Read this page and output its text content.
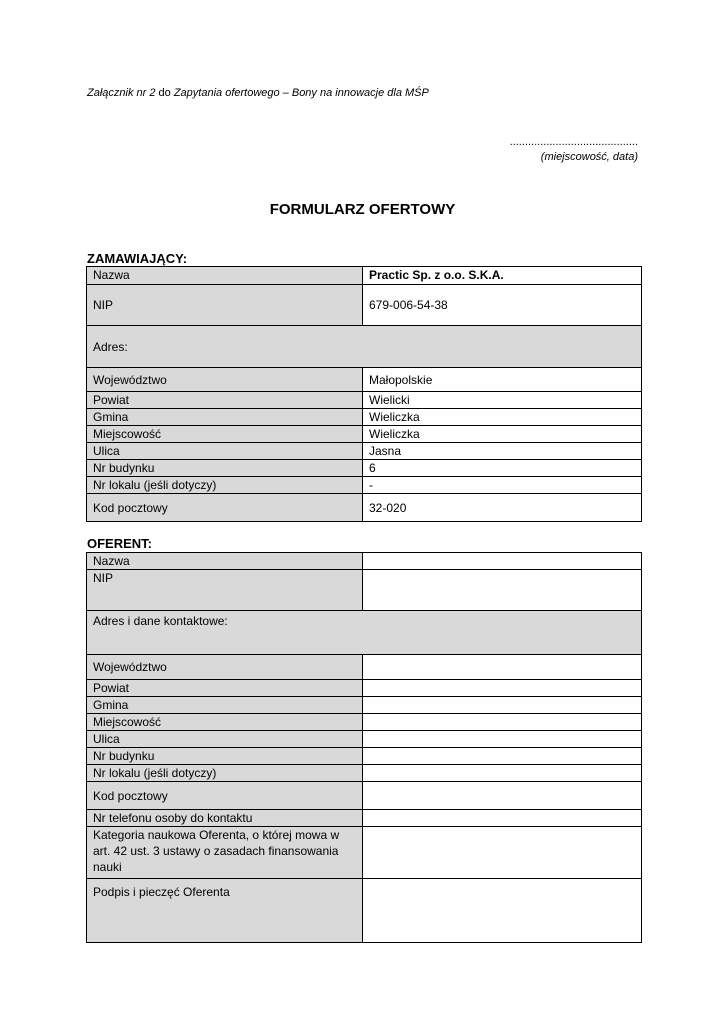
Załącznik nr 2 do Zapytania ofertowego – Bony na innowacje dla MŚP
..........................................
(miejscowość, data)
FORMULARZ OFERTOWY
ZAMAWIAJĄCY:
Nazwa	Practic Sp. z o.o. S.K.A.
NIP	679-006-54-38
Adres:	
Województwo	Małopolskie
Powiat	Wielicki
Gmina	Wieliczka
Miejscowość	Wieliczka
Ulica	Jasna
Nr budynku	6
Nr lokalu (jeśli dotyczy)	-
Kod pocztowy	32-020
OFERENT:
Nazwa	
NIP	
Adres i dane kontaktowe:	
Województwo	
Powiat	
Gmina	
Miejscowość	
Ulica	
Nr budynku	
Nr lokalu (jeśli dotyczy)	
Kod pocztowy	
Nr telefonu osoby do kontaktu	
Kategoria naukowa Oferenta, o której mowa w art. 42 ust. 3 ustawy o zasadach finansowania nauki	
Podpis i pieczęć Oferenta	
